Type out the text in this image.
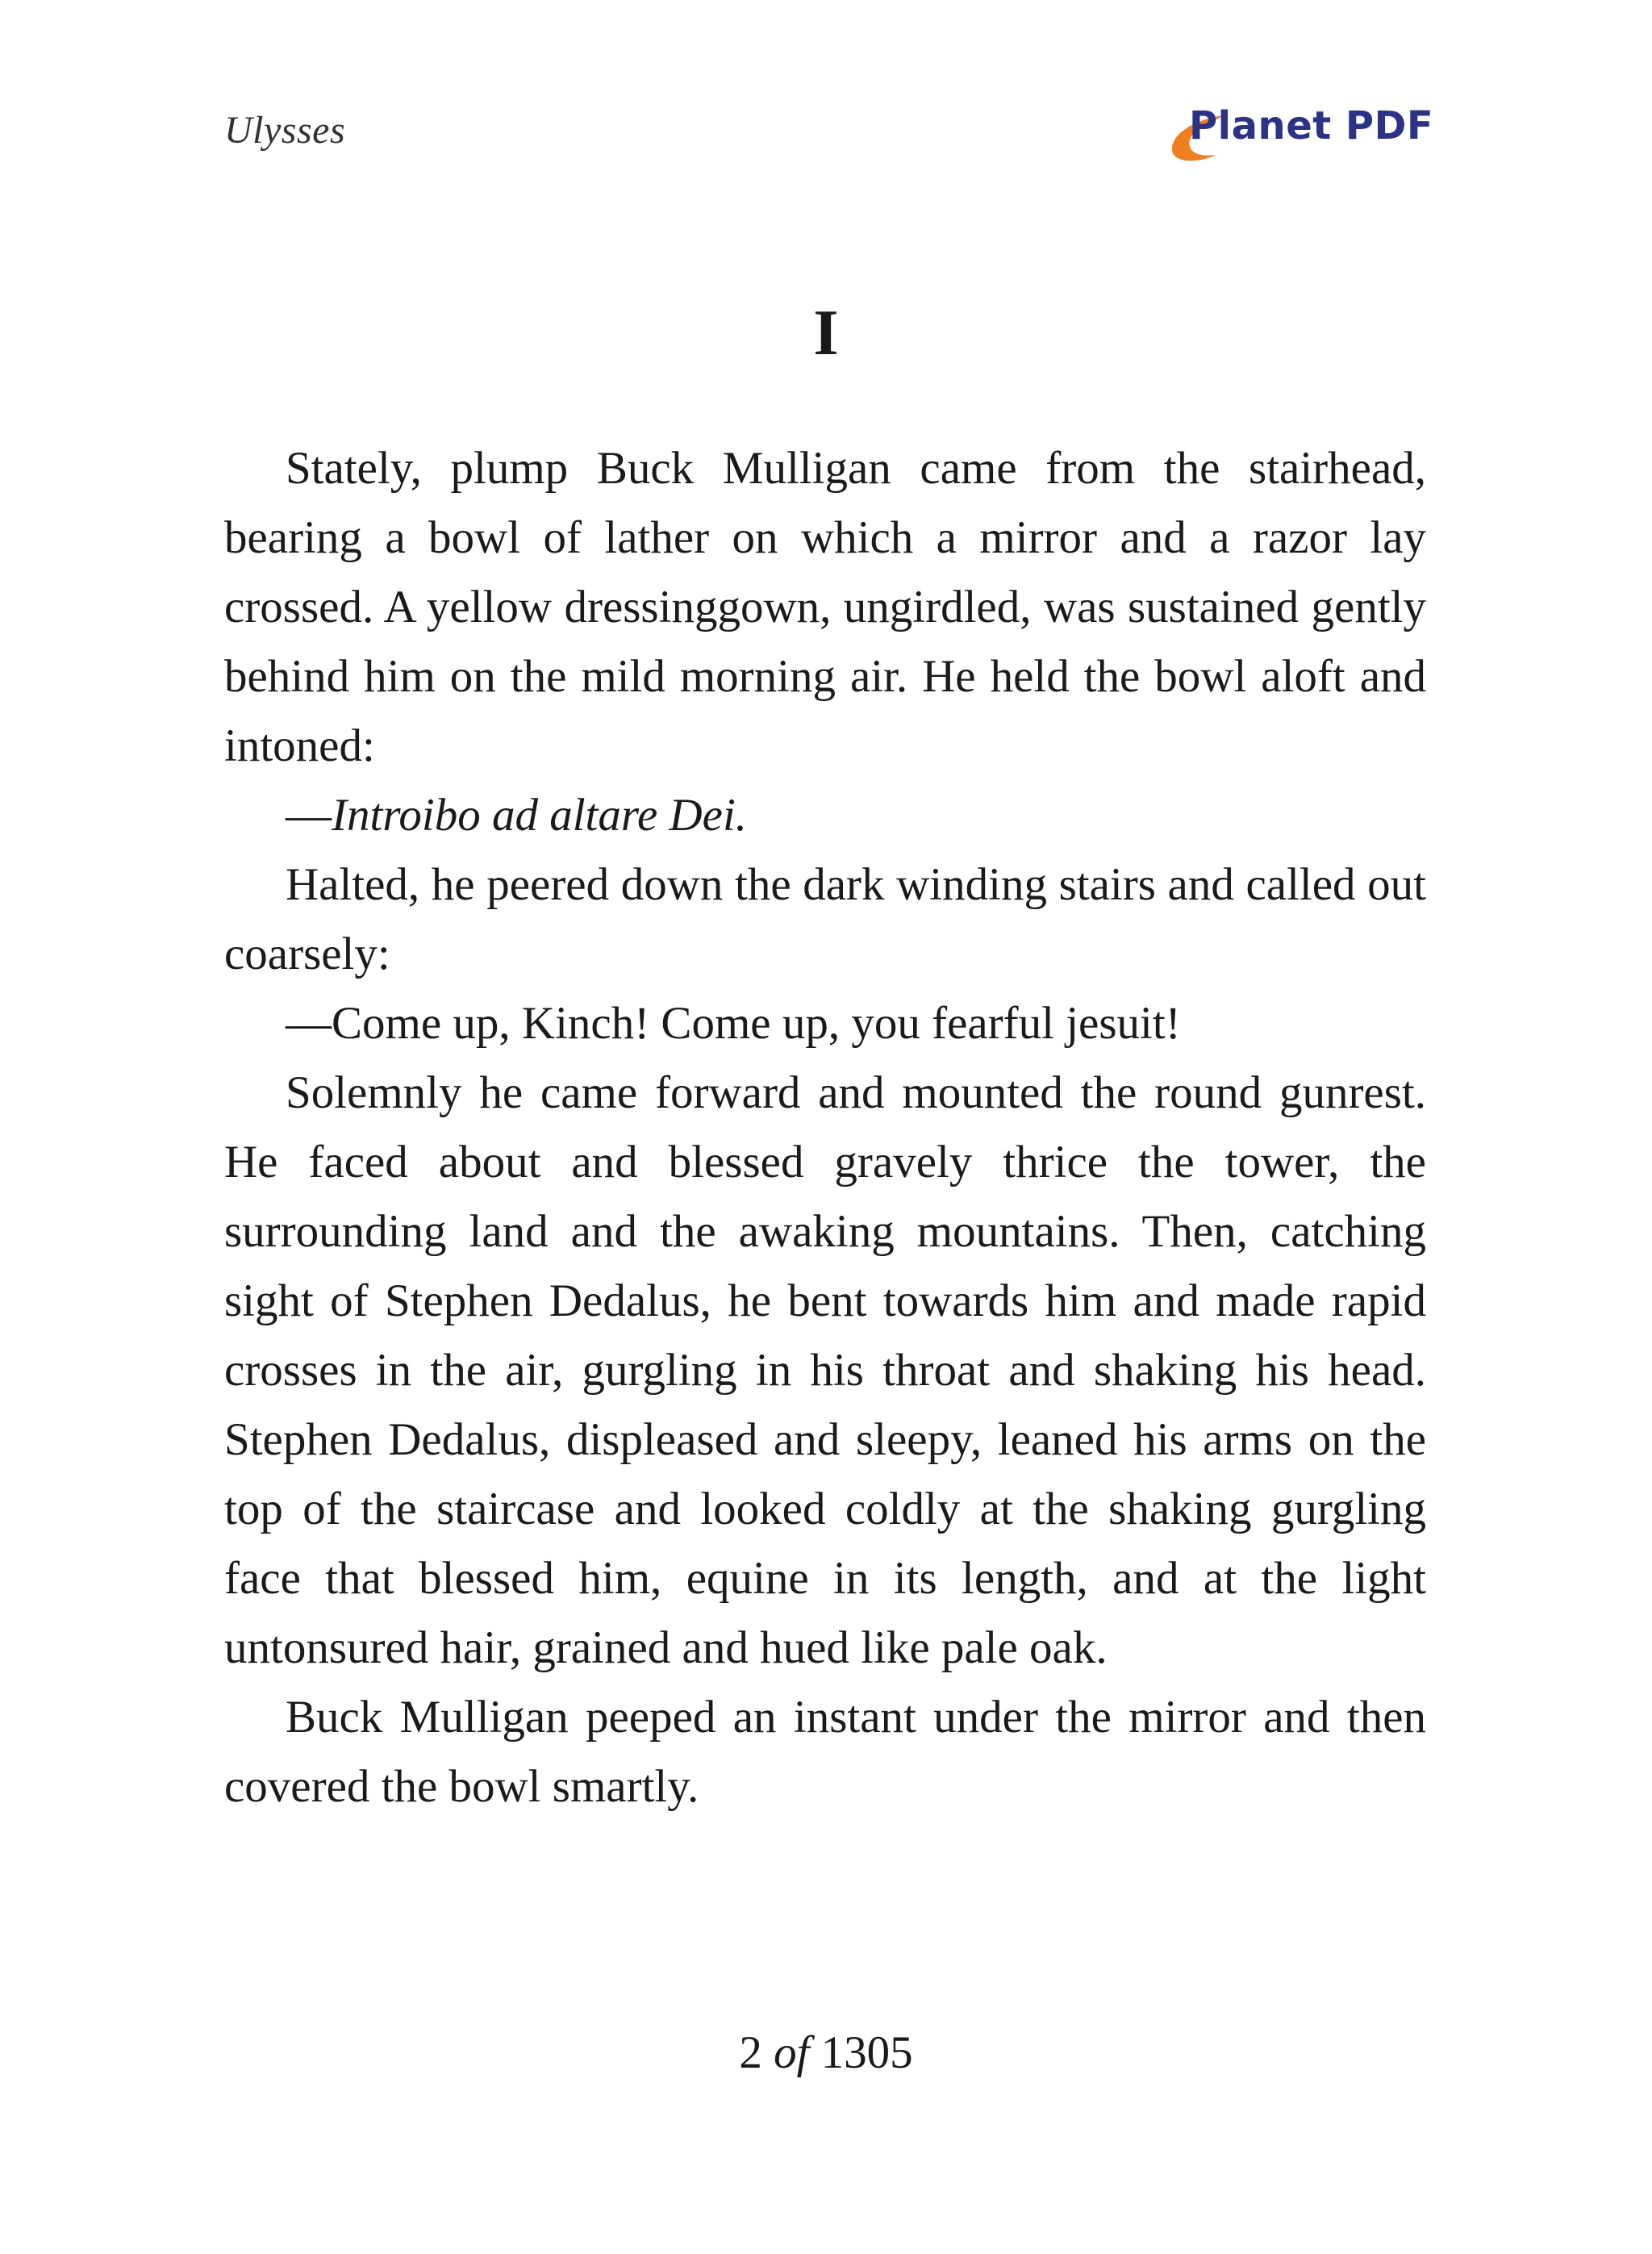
Ulysses	Planet PDF
I

Stately, plump Buck Mulligan came from the stairhead, bearing a bowl of lather on which a mirror and a razor lay crossed. A yellow dressinggown, ungirdled, was sustained gently behind him on the mild morning air. He held the bowl aloft and intoned:

—Introibo ad altare Dei.

Halted, he peered down the dark winding stairs and called out coarsely:

—Come up, Kinch! Come up, you fearful jesuit!

Solemnly he came forward and mounted the round gunrest. He faced about and blessed gravely thrice the tower, the surrounding land and the awaking mountains. Then, catching sight of Stephen Dedalus, he bent towards him and made rapid crosses in the air, gurgling in his throat and shaking his head. Stephen Dedalus, displeased and sleepy, leaned his arms on the top of the staircase and looked coldly at the shaking gurgling face that blessed him, equine in its length, and at the light untonsured hair, grained and hued like pale oak.

Buck Mulligan peeped an instant under the mirror and then covered the bowl smartly.

2 of 1305
